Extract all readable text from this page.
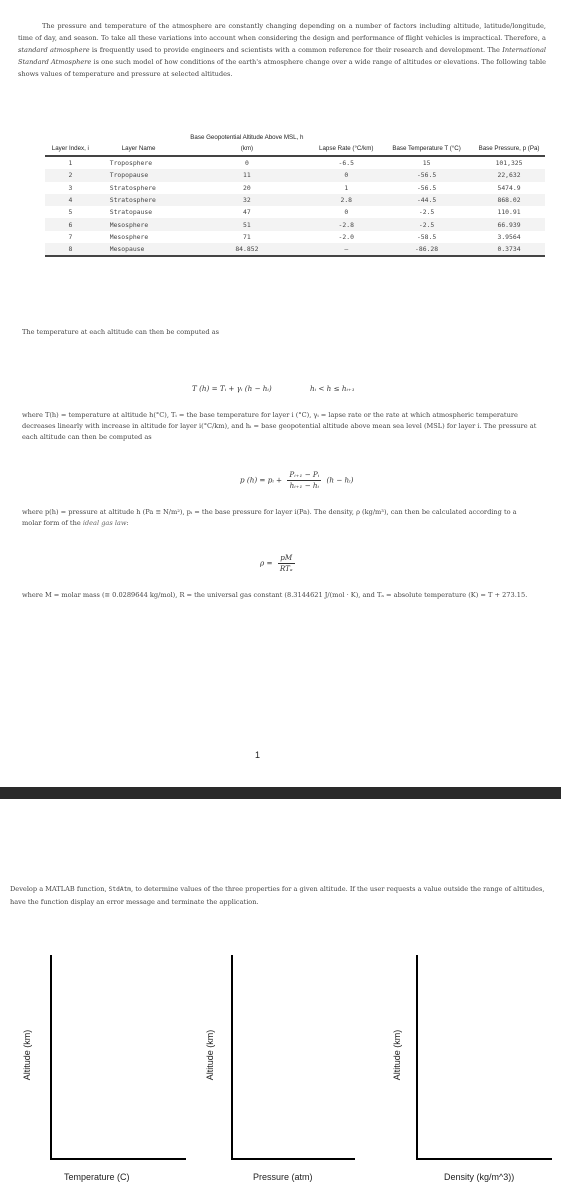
The pressure and temperature of the atmosphere are constantly changing depending on a number of factors including altitude, latitude/longitude, time of day, and season. To take all these variations into account when considering the design and performance of flight vehicles is impractical. Therefore, a standard atmosphere is frequently used to provide engineers and scientists with a common reference for their research and development. The International Standard Atmosphere is one such model of how conditions of the earth's atmosphere change over a wide range of altitudes or elevations. The following table shows values of temperature and pressure at selected altitudes.

Layer Index, i	Layer Name	Base Geopotential Altitude Above MSL, h (km)	Lapse Rate (°C/km)	Base Temperature T (°C)	Base Pressure, p (Pa)
1	Troposphere	0	-6.5	15	101,325
2	Tropopause	11	0	-56.5	22,632
3	Stratosphere	20	1	-56.5	5474.9
4	Stratosphere	32	2.8	-44.5	868.02
5	Stratopause	47	0	-2.5	110.91
6	Mesosphere	51	-2.8	-2.5	66.939
7	Mesosphere	71	-2.0	-58.5	3.9564
8	Mesopause	84.852	–	-86.28	0.3734

The temperature at each altitude can then be computed as

T (h) = Tᵢ + γᵢ (h − hᵢ)	hᵢ < h ≤ hᵢ₊₁

where T(h) = temperature at altitude h(°C), Tᵢ = the base temperature for layer i (°C), γᵢ = lapse rate or the rate at which atmospheric temperature decreases linearly with increase in altitude for layer i(°C/km), and hᵢ = base geopotential altitude above mean sea level (MSL) for layer i. The pressure at each altitude can then be computed as

p (h) = pᵢ + $\frac{\text{Pᵢ₊₁ − Pᵢ}}{\text{hᵢ₊₁ − hᵢ}} (h$ − hᵢ)

where p(h) = pressure at altitude h (Pa ≡ N/m²), pᵢ = the base pressure for layer i(Pa). The density, ρ (kg/m³), can then be calculated according to a molar form of the ideal gas law:

$\rho = \frac{pM}{\text{RTₐ}}$

where M = molar mass (≅ 0.0289644 kg/mol), R = the universal gas constant (8.3144621 J/(mol · K), and Tₐ = absolute temperature (K) = T + 273.15.

1

Develop a MATLAB function, StdAtm, to determine values of the three properties for a given altitude. If the user requests a value outside the range of altitudes, have the function display an error message and terminate the application.

Altitude (km)
Temperature (C)
Altitude (km)
Pressure (atm)
Altitude (km)
Density (kg/m^3))
